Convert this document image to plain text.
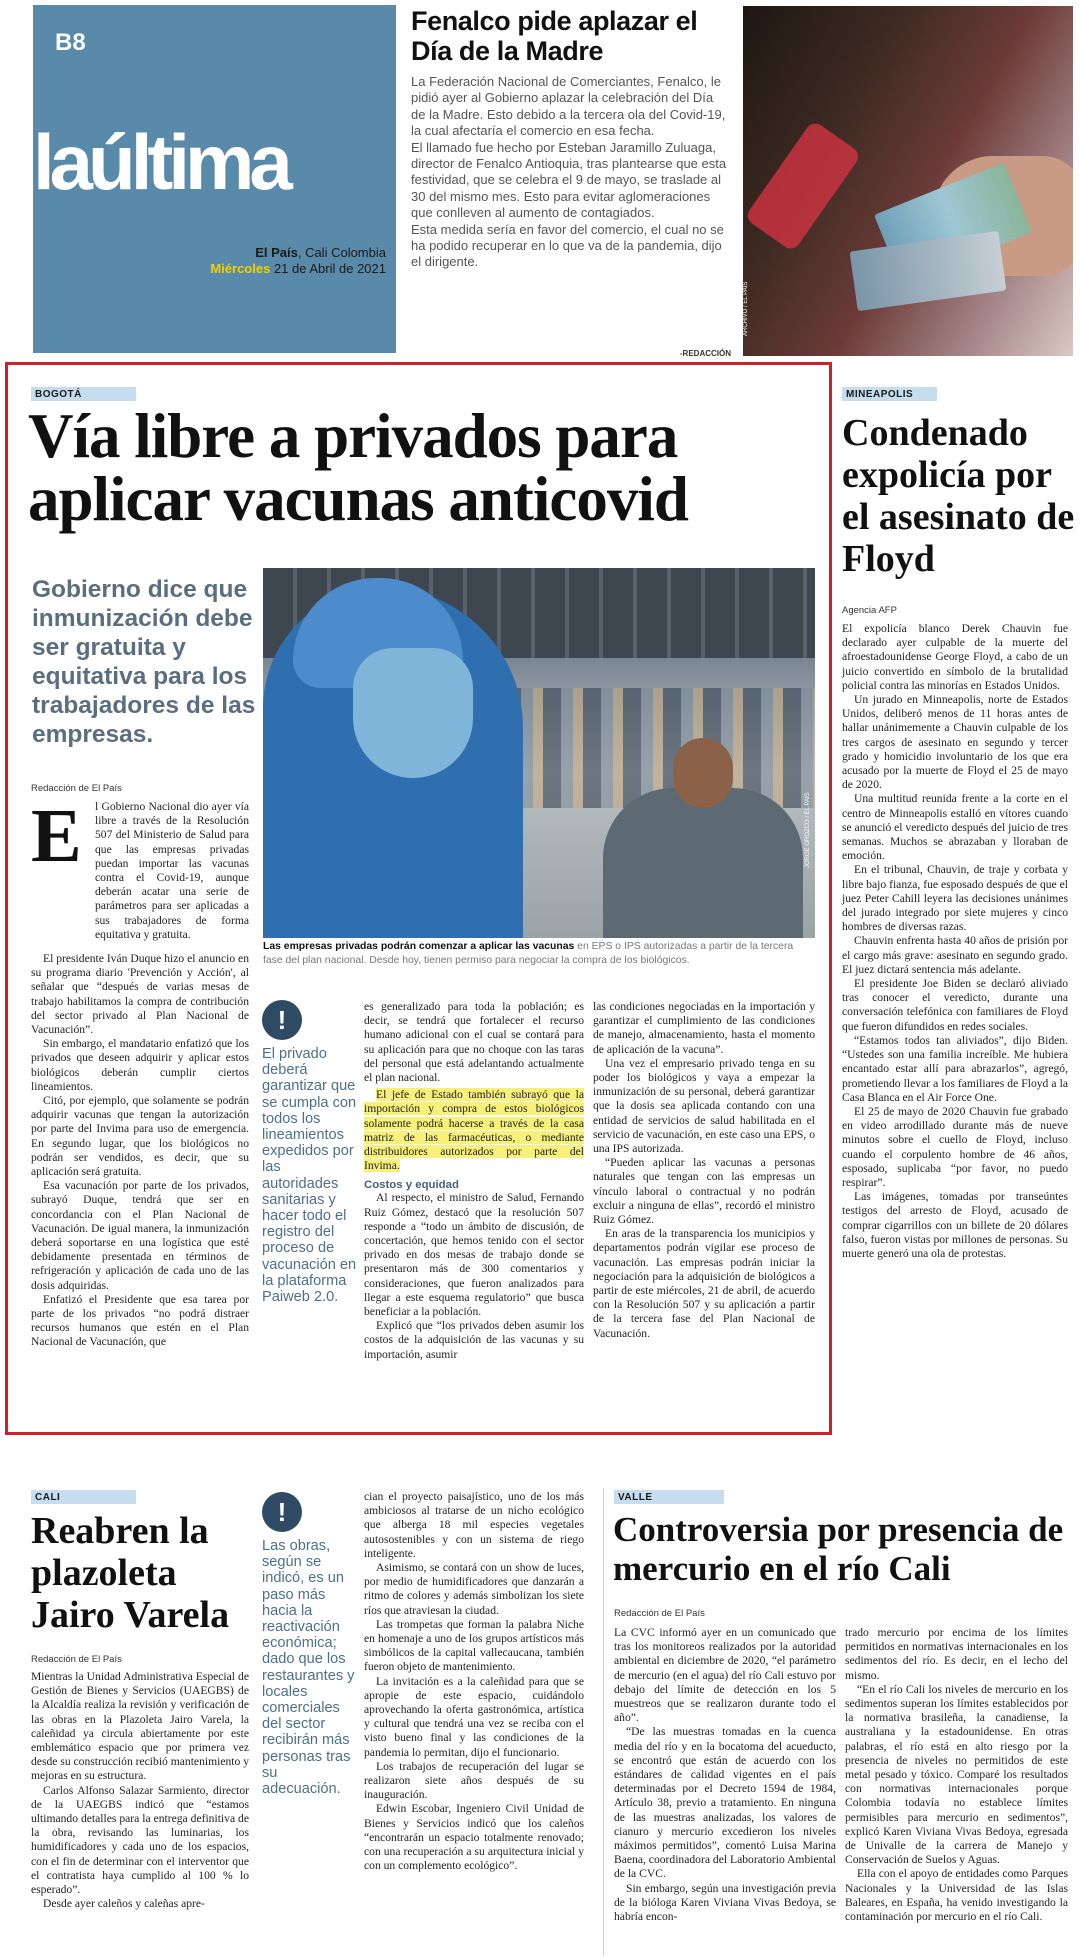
B8
laúltima
El País, Cali Colombia
Miércoles 21 de Abril de 2021
Fenalco pide aplazar el Día de la Madre

La Federación Nacional de Comerciantes, Fenalco, le pidió ayer al Gobierno aplazar la celebración del Día de la Madre. Esto debido a la tercera ola del Covid-19, la cual afectaría el comercio en esa fecha.

El llamado fue hecho por Esteban Jaramillo Zuluaga, director de Fenalco Antioquia, tras plantearse que esta festividad, que se celebra el 9 de mayo, se traslade al 30 del mismo mes. Esto para evitar aglomeraciones que conlleven al aumento de contagiados.

Esta medida sería en favor del comercio, el cual no se ha podido recuperar en lo que va de la pandemia, dijo el dirigente.

-REDACCIÓN
ARCHIVO / EL PAÍS
BOGOTÁ
Vía libre a privados para aplicar vacunas anticovid
Gobierno dice que inmunización debe ser gratuita y equitativa para los trabajadores de las empresas.
JORGE OROZCO / EL PAÍS
Las empresas privadas podrán comenzar a aplicar las vacunas en EPS o IPS autorizadas a partir de la tercera fase del plan nacional. Desde hoy, tienen permiso para negociar la compra de los biológicos.
Redacción de El País
E	l Gobierno Nacional dio ayer vía libre a través de la Resolución 507 del Ministerio de Salud para que las empresas privadas puedan importar las vacunas contra el Covid-19, aunque deberán acatar una serie de parámetros para ser aplicadas a sus trabajadores de forma equitativa y gratuita.

El presidente Iván Duque hizo el anuncio en su programa diario 'Prevención y Acción', al señalar que “después de varias mesas de trabajo habilitamos la compra de contribución del sector privado al Plan Nacional de Vacunación”.

Sin embargo, el mandatario enfatizó que los privados que deseen adquirir y aplicar estos biológicos deberán cumplir ciertos lineamientos.

Citó, por ejemplo, que solamente se podrán adquirir vacunas que tengan la autorización por parte del Invima para uso de emergencia. En segundo lugar, que los biológicos no podrán ser vendidos, es decir, que su aplicación será gratuita.

Esa vacunación por parte de los privados, subrayó Duque, tendrá que ser en concordancia con el Plan Nacional de Vacunación. De igual manera, la inmunización deberá soportarse en una logística que esté debidamente presentada en términos de refrigeración y aplicación de cada uno de las dosis adquiridas.

Enfatizó el Presidente que esa tarea por parte de los privados “no podrá distraer recursos humanos que estén en el Plan Nacional de Vacunación, que

!
El privado deberá garantizar que se cumpla con todos los lineamientos expedidos por las autoridades sanitarias y hacer todo el registro del proceso de vacunación en la plataforma Paiweb 2.0.

es generalizado para toda la población; es decir, se tendrá que fortalecer el recurso humano adicional con el cual se contará para su aplicación para que no choque con las taras del personal que está adelantando actualmente el plan nacional.

El jefe de Estado también subrayó que la importación y compra de estos biológicos solamente podrá hacerse a través de la casa matriz de las farmacéuticas, o mediante distribuidores autorizados por parte del Invima.

Costos y equidad

Al respecto, el ministro de Salud, Fernando Ruiz Gómez, destacó que la resolución 507 responde a “todo un ámbito de discusión, de concertación, que hemos tenido con el sector privado en dos mesas de trabajo donde se presentaron más de 300 comentarios y consideraciones, que fueron analizados para llegar a este esquema regulatorio” que busca beneficiar a la población.

Explicó que “los privados deben asumir los costos de la adquisición de las vacunas y su importación, asumir

las condiciones negociadas en la importación y garantizar el cumplimiento de las condiciones de manejo, almacenamiento, hasta el momento de aplicación de la vacuna”.

Una vez el empresario privado tenga en su poder los biológicos y vaya a empezar la inmunización de su personal, deberá garantizar que la dosis sea aplicada contando con una entidad de servicios de salud habilitada en el servicio de vacunación, en este caso una EPS, o una IPS autorizada.

“Pueden aplicar las vacunas a personas naturales que tengan con las empresas un vínculo laboral o contractual y no podrán excluir a ninguna de ellas”, recordó el ministro Ruiz Gómez.

En aras de la transparencia los municipios y departamentos podrán vigilar ese proceso de vacunación. Las empresas podrán iniciar la negociación para la adquisición de biológicos a partir de este miércoles, 21 de abril, de acuerdo con la Resolución 507 y su aplicación a partir de la tercera fase del Plan Nacional de Vacunación.

MINEAPOLIS
Condenado expolicía por el asesinato de Floyd
Agencia AFP

El expolicía blanco Derek Chauvin fue declarado ayer culpable de la muerte del afroestadounidense George Floyd, a cabo de un juicio convertido en símbolo de la brutalidad policial contra las minorías en Estados Unidos.

Un jurado en Minneapolis, norte de Estados Unidos, deliberó menos de 11 horas antes de hallar unánimemente a Chauvin culpable de los tres cargos de asesinato en segundo y tercer grado y homicidio involuntario de los que era acusado por la muerte de Floyd el 25 de mayo de 2020.

Una multitud reunida frente a la corte en el centro de Minneapolis estalló en vítores cuando se anunció el veredicto después del juicio de tres semanas. Muchos se abrazaban y lloraban de emoción.

En el tribunal, Chauvin, de traje y corbata y libre bajo fianza, fue esposado después de que el juez Peter Cahill leyera las decisiones unánimes del jurado integrado por siete mujeres y cinco hombres de diversas razas.

Chauvin enfrenta hasta 40 años de prisión por el cargo más grave: asesinato en segundo grado. El juez dictará sentencia más adelante.

El presidente Joe Biden se declaró aliviado tras conocer el veredicto, durante una conversación telefónica con familiares de Floyd que fueron difundidos en redes sociales.

“Estamos todos tan aliviados”, dijo Biden. “Ustedes son una familia increíble. Me hubiera encantado estar allí para abrazarlos”, agregó, prometiendo llevar a los familiares de Floyd a la Casa Blanca en el Air Force One.

El 25 de mayo de 2020 Chauvin fue grabado en video arrodillado durante más de nueve minutos sobre el cuello de Floyd, incluso cuando el corpulento hombre de 46 años, esposado, suplicaba “por favor, no puedo respirar”.

Las imágenes, tomadas por transeúntes testigos del arresto de Floyd, acusado de comprar cigarrillos con un billete de 20 dólares falso, fueron vistas por millones de personas. Su muerte generó una ola de protestas.

CALI
Reabren la plazoleta Jairo Varela
Redacción de El País

Mientras la Unidad Administrativa Especial de Gestión de Bienes y Servicios (UAEGBS) de la Alcaldía realiza la revisión y verificación de las obras en la Plazoleta Jairo Varela, la caleñidad ya circula abiertamente por este emblemático espacio que por primera vez desde su construcción recibió mantenimiento y mejoras en su estructura.

Carlos Alfonso Salazar Sarmiento, director de la UAEGBS indicó que “estamos ultimando detalles para la entrega definitiva de la obra, revisando las luminarias, los humidificadores y cada uno de los espacios, con el fin de determinar con el interventor que el contratista haya cumplido al 100 % lo esperado”.

Desde ayer caleños y caleñas apre-

!
Las obras, según se indicó, es un paso más hacia la reactivación económica; dado que los restaurantes y locales comerciales del sector recibirán más personas tras su adecuación.

cian el proyecto paisajístico, uno de los más ambiciosos al tratarse de un nicho ecológico que alberga 18 mil especies vegetales autosostenibles y con un sistema de riego inteligente.

Asimismo, se contará con un show de luces, por medio de humidificadores que danzarán a ritmo de colores y además simbolizan los siete ríos que atraviesan la ciudad.

Las trompetas que forman la palabra Niche en homenaje a uno de los grupos artísticos más simbólicos de la capital vallecaucana, también fueron objeto de mantenimiento.

La invitación es a la caleñidad para que se apropie de este espacio, cuidándolo aprovechando la oferta gastronómica, artística y cultural que tendrá una vez se reciba con el visto bueno final y las condiciones de la pandemia lo permitan, dijo el funcionario.

Los trabajos de recuperación del lugar se realizaron siete años después de su inauguración.

Edwin Escobar, Ingeniero Civil Unidad de Bienes y Servicios indicó que los caleños “encontrarán un espacio totalmente renovado; con una recuperación a su arquitectura inicial y con un complemento ecológico”.

VALLE
Controversia por presencia de mercurio en el río Cali
Redacción de El País

La CVC informó ayer en un comunicado que tras los monitoreos realizados por la autoridad ambiental en diciembre de 2020, “el parámetro de mercurio (en el agua) del río Cali estuvo por debajo del límite de detección en los 5 muestreos que se realizaron durante todo el año”.

“De las muestras tomadas en la cuenca media del río y en la bocatoma del acueducto, se encontró que están de acuerdo con los estándares de calidad vigentes en el país determinadas por el Decreto 1594 de 1984, Artículo 38, previo a tratamiento. En ninguna de las muestras analizadas, los valores de cianuro y mercurio excedieron los niveles máximos permitidos”, comentó Luisa Marina Baena, coordinadora del Laboratorio Ambiental de la CVC.

Sin embargo, según una investigación previa de la bióloga Karen Viviana Vivas Bedoya, se habría encon-

trado mercurio por encima de los límites permitidos en normativas internacionales en los sedimentos del río. Es decir, en el lecho del mismo.

“En el río Cali los niveles de mercurio en los sedimentos superan los límites establecidos por la normativa brasileña, la canadiense, la australiana y la estadounidense. En otras palabras, el río está en alto riesgo por la presencia de niveles no permitidos de este metal pesado y tóxico. Comparé los resultados con normativas internacionales porque Colombia todavía no establece límites permisibles para mercurio en sedimentos”, explicó Karen Viviana Vivas Bedoya, egresada de Univalle de la carrera de Manejo y Conservación de Suelos y Aguas.

Ella con el apoyo de entidades como Parques Nacionales y la Universidad de las Islas Baleares, en España, ha venido investigando la contaminación por mercurio en el río Cali.
